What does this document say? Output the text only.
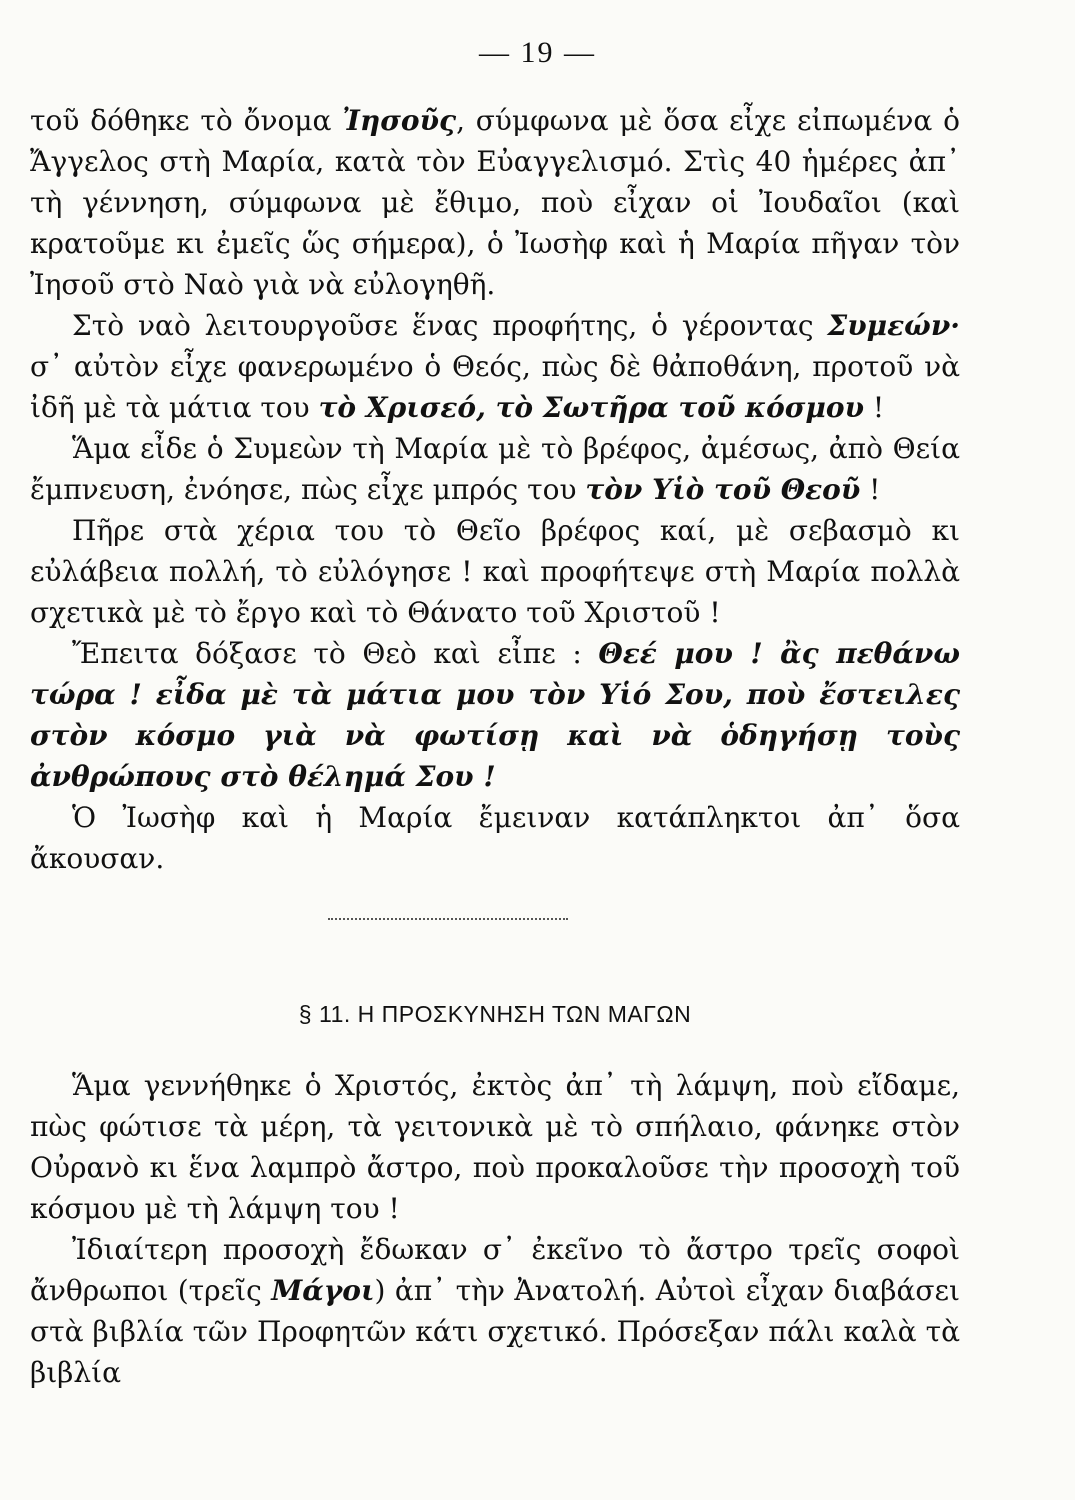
— 19 —

τοῦ δόθηκε τὸ ὄνομα Ἰησοῦς, σύμφωνα μὲ ὅσα εἶχε εἰπωμένα ὁ Ἄγγελος στὴ Μαρία, κατὰ τὸν Εὐαγγελισμό. Στὶς 40 ἡμέρες ἀπ᾽ τὴ γέννηση, σύμφωνα μὲ ἔθιμο, ποὺ εἶχαν οἱ Ἰουδαῖοι (καὶ κρατοῦμε κι ἐμεῖς ὥς σήμερα), ὁ Ἰωσὴφ καὶ ἡ Μαρία πῆγαν τὸν Ἰησοῦ στὸ Ναὸ γιὰ νὰ εὐλογηθῆ.

Στὸ ναὸ λειτουργοῦσε ἕνας προφήτης, ὁ γέροντας Συμεών· σ᾽ αὐτὸν εἶχε φανερωμένο ὁ Θεός, πὼς δὲ θἀποθάνη, προτοῦ νὰ ἰδῆ μὲ τὰ μάτια του τὸ Χρισεό, τὸ Σωτῆρα τοῦ κόσμου !

Ἅμα εἶδε ὁ Συμεὼν τὴ Μαρία μὲ τὸ βρέφος, ἀμέσως, ἀπὸ Θεία ἔμπνευση, ἐνόησε, πὼς εἶχε μπρός του τὸν Υἱὸ τοῦ Θεοῦ !

Πῆρε στὰ χέρια του τὸ Θεῖο βρέφος καί, μὲ σεβασμὸ κι εὐλάβεια πολλή, τὸ εὐλόγησε ! καὶ προφήτεψε στὴ Μαρία πολλὰ σχετικὰ μὲ τὸ ἔργο καὶ τὸ Θάνατο τοῦ Χριστοῦ !

Ἔπειτα δόξασε τὸ Θεὸ καὶ εἶπε : Θεέ μου ! ἂς πεθάνω τώρα ! εἶδα μὲ τὰ μάτια μου τὸν Υἱό Σου, ποὺ ἔστειλες στὸν κόσμο γιὰ νὰ φωτίσῃ καὶ νὰ ὁδηγήσῃ τοὺς ἀνθρώπους στὸ θέλημά Σου !

Ὁ Ἰωσὴφ καὶ ἡ Μαρία ἔμειναν κατάπληκτοι ἀπ᾽ ὅσα ἄκουσαν.

§ 11. Η ΠΡΟΣΚΥΝΗΣΗ ΤΩΝ ΜΑΓΩΝ

Ἅμα γεννήθηκε ὁ Χριστός, ἐκτὸς ἀπ᾽ τὴ λάμψη, ποὺ εἴδαμε, πὼς φώτισε τὰ μέρη, τὰ γειτονικὰ μὲ τὸ σπήλαιο, φάνηκε στὸν Οὐρανὸ κι ἕνα λαμπρὸ ἄστρο, ποὺ προκαλοῦσε τὴν προσοχὴ τοῦ κόσμου μὲ τὴ λάμψη του !

Ἰδιαίτερη προσοχὴ ἔδωκαν σ᾽ ἐκεῖνο τὸ ἄστρο τρεῖς σοφοὶ ἄνθρωποι (τρεῖς Μάγοι) ἀπ᾽ τὴν Ἀνατολή. Αὐτοὶ εἶχαν διαβάσει στὰ βιβλία τῶν Προφητῶν κάτι σχετικό. Πρόσεξαν πάλι καλὰ τὰ βιβλία
